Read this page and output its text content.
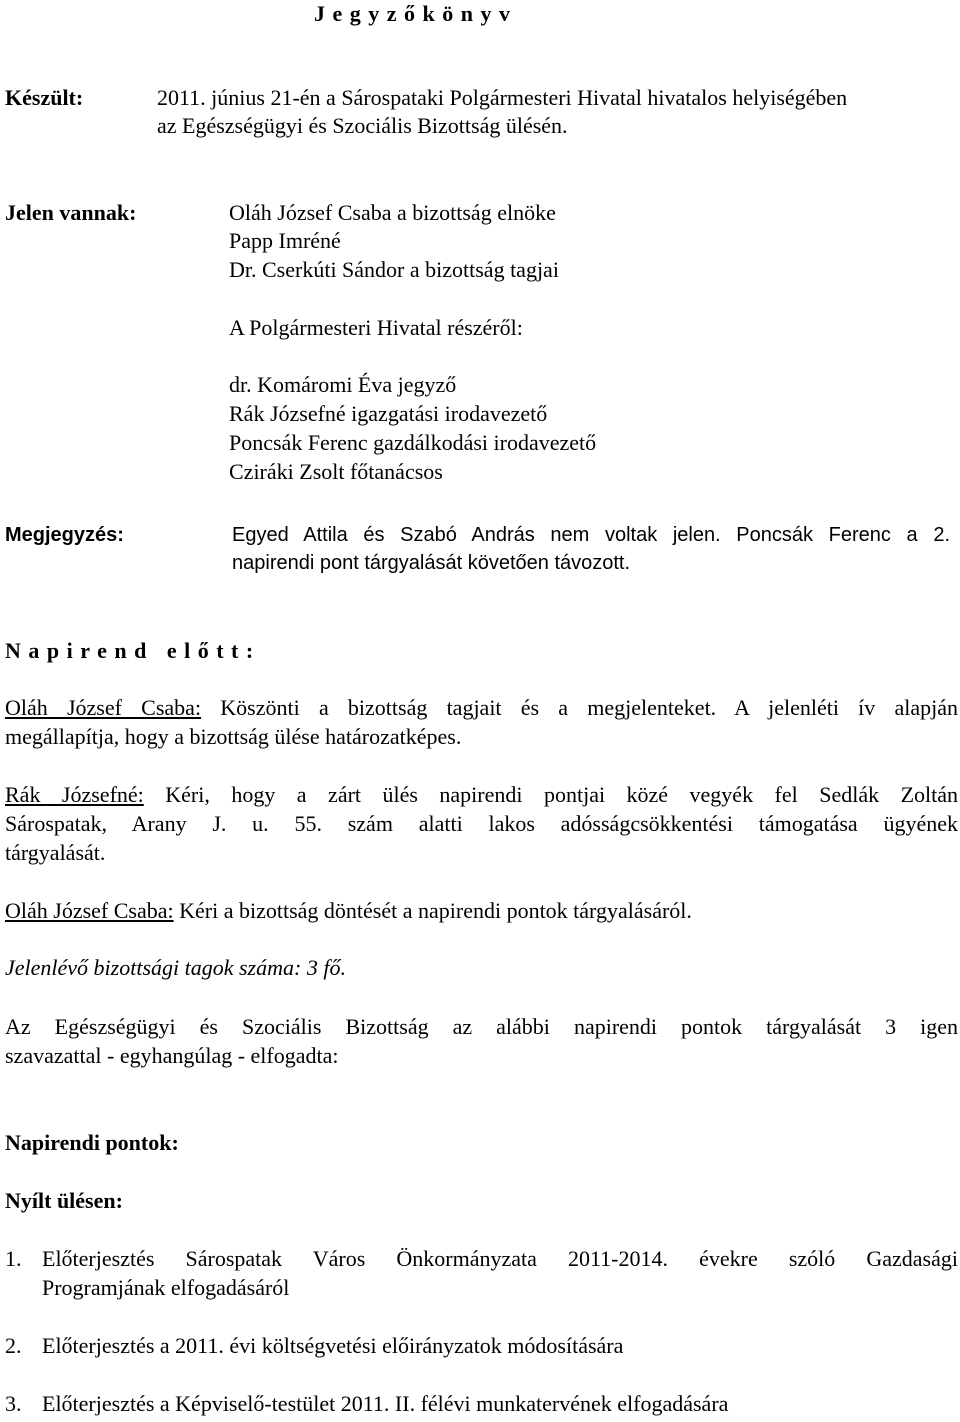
J e g y z ő k ö n y v
Készült:	2011. június 21-én a Sárospataki Polgármesteri Hivatal hivatalos helyiségében
az Egészségügyi és Szociális Bizottság ülésén.
Jelen vannak:	Oláh József Csaba a bizottság elnöke
Papp Imréné
Dr. Cserkúti Sándor a bizottság tagjai
A Polgármesteri Hivatal részéről:
dr. Komáromi Éva jegyző
Rák Józsefné igazgatási irodavezető
Poncsák Ferenc gazdálkodási irodavezető
Cziráki Zsolt főtanácsos
Megjegyzés:	Egyed Attila és Szabó András nem voltak jelen. Poncsák Ferenc a 2.
napirendi pont tárgyalását követően távozott.
N a p i r e n d   e l ő t t :
Oláh József Csaba: Köszönti a bizottság tagjait és a megjelenteket. A jelenléti ív alapján
megállapítja, hogy a bizottság ülése határozatképes.
Rák Józsefné: Kéri, hogy a zárt ülés napirendi pontjai közé vegyék fel Sedlák Zoltán
Sárospatak, Arany J. u. 55. szám alatti lakos adósságcsökkentési támogatása ügyének
tárgyalását.
Oláh József Csaba: Kéri a bizottság döntését a napirendi pontok tárgyalásáról.
Jelenlévő bizottsági tagok száma: 3 fő.
Az Egészségügyi és Szociális Bizottság az alábbi napirendi pontok tárgyalását 3 igen
szavazattal - egyhangúlag - elfogadta:
Napirendi pontok:
Nyílt ülésen:
1. Előterjesztés Sárospatak Város Önkormányzata 2011-2014. évekre szóló Gazdasági
Programjának elfogadásáról
2. Előterjesztés a 2011. évi költségvetési előirányzatok módosítására
3. Előterjesztés a Képviselő-testület 2011. II. félévi munkatervének elfogadására
